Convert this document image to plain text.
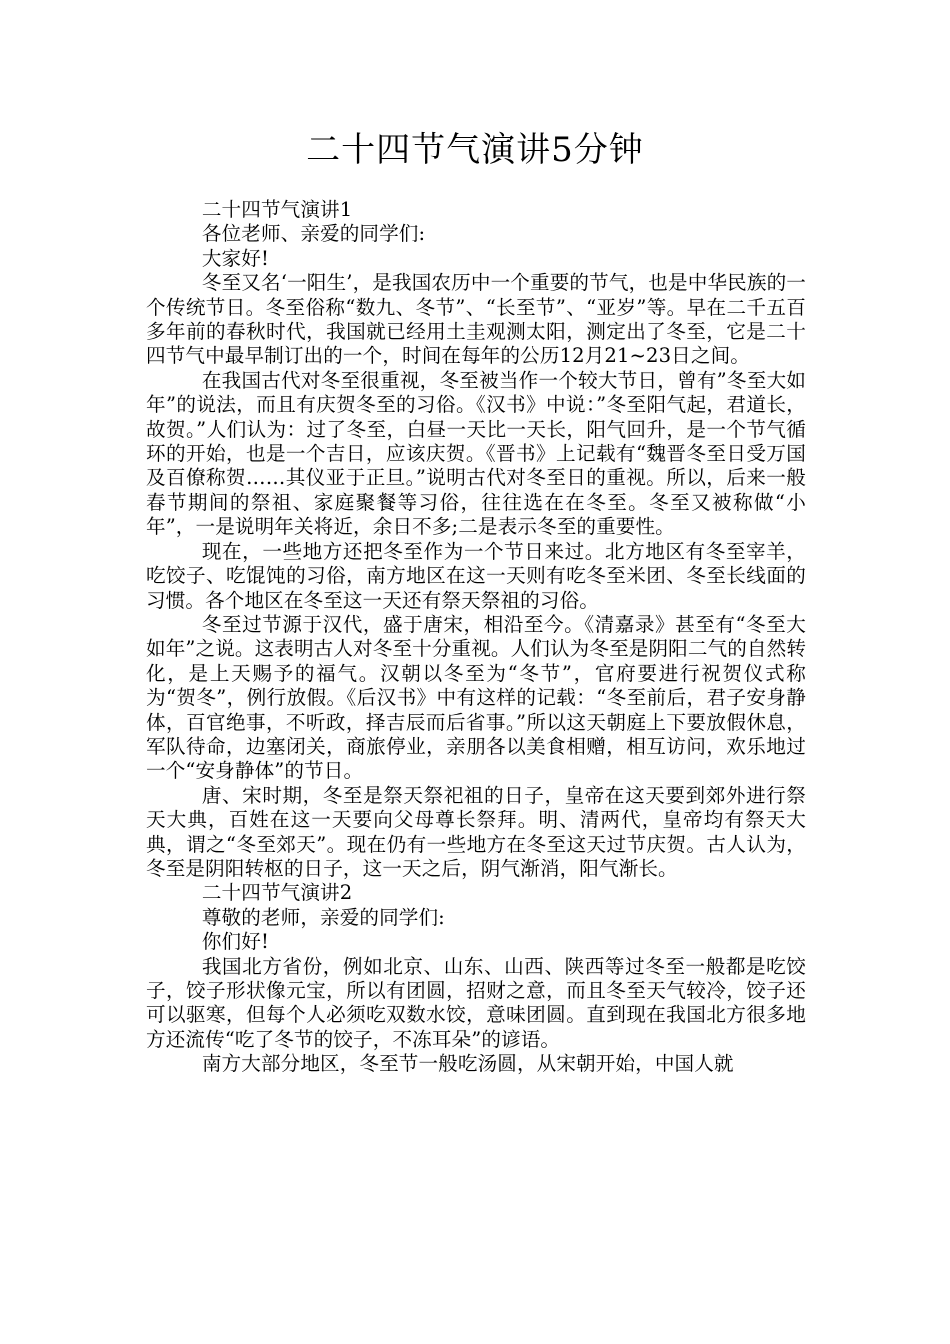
二十四节气演讲5分钟

二十四节气演讲1

各位老师、亲爱的同学们:

大家好!

冬至又名‘一阳生’，是我国农历中一个重要的节气，也是中华民族的一个传统节日。冬至俗称“数九、冬节”、“长至节”、“亚岁”等。早在二千五百多年前的春秋时代，我国就已经用土圭观测太阳，测定出了冬至，它是二十四节气中最早制订出的一个，时间在每年的公历12月21~23日之间。

在我国古代对冬至很重视，冬至被当作一个较大节日，曾有”冬至大如年”的说法，而且有庆贺冬至的习俗。《汉书》中说：”冬至阳气起，君道长，故贺。”人们认为：过了冬至，白昼一天比一天长，阳气回升，是一个节气循环的开始，也是一个吉日，应该庆贺。《晋书》上记载有“魏晋冬至日受万国及百僚称贺……其仪亚于正旦。”说明古代对冬至日的重视。所以，后来一般春节期间的祭祖、家庭聚餐等习俗，往往选在在冬至。冬至又被称做“小年”，一是说明年关将近，余日不多;二是表示冬至的重要性。

现在，一些地方还把冬至作为一个节日来过。北方地区有冬至宰羊，吃饺子、吃馄饨的习俗，南方地区在这一天则有吃冬至米团、冬至长线面的习惯。各个地区在冬至这一天还有祭天祭祖的习俗。

冬至过节源于汉代，盛于唐宋，相沿至今。《清嘉录》甚至有“冬至大如年”之说。这表明古人对冬至十分重视。人们认为冬至是阴阳二气的自然转化，是上天赐予的福气。汉朝以冬至为“冬节”，官府要进行祝贺仪式称为“贺冬”，例行放假。《后汉书》中有这样的记载：“冬至前后，君子安身静体，百官绝事，不听政，择吉辰而后省事。”所以这天朝庭上下要放假休息，军队待命，边塞闭关，商旅停业，亲朋各以美食相赠，相互访问，欢乐地过一个“安身静体”的节日。

唐、宋时期，冬至是祭天祭祀祖的日子，皇帝在这天要到郊外进行祭天大典，百姓在这一天要向父母尊长祭拜。明、清两代，皇帝均有祭天大典，谓之“冬至郊天”。现在仍有一些地方在冬至这天过节庆贺。古人认为，冬至是阴阳转枢的日子，这一天之后，阴气渐消，阳气渐长。

二十四节气演讲2

尊敬的老师，亲爱的同学们:

你们好!

我国北方省份，例如北京、山东、山西、陕西等过冬至一般都是吃饺子，饺子形状像元宝，所以有团圆，招财之意，而且冬至天气较冷，饺子还可以驱寒，但每个人必须吃双数水饺，意味团圆。直到现在我国北方很多地方还流传“吃了冬节的饺子，不冻耳朵”的谚语。

南方大部分地区，冬至节一般吃汤圆，从宋朝开始，中国人就
